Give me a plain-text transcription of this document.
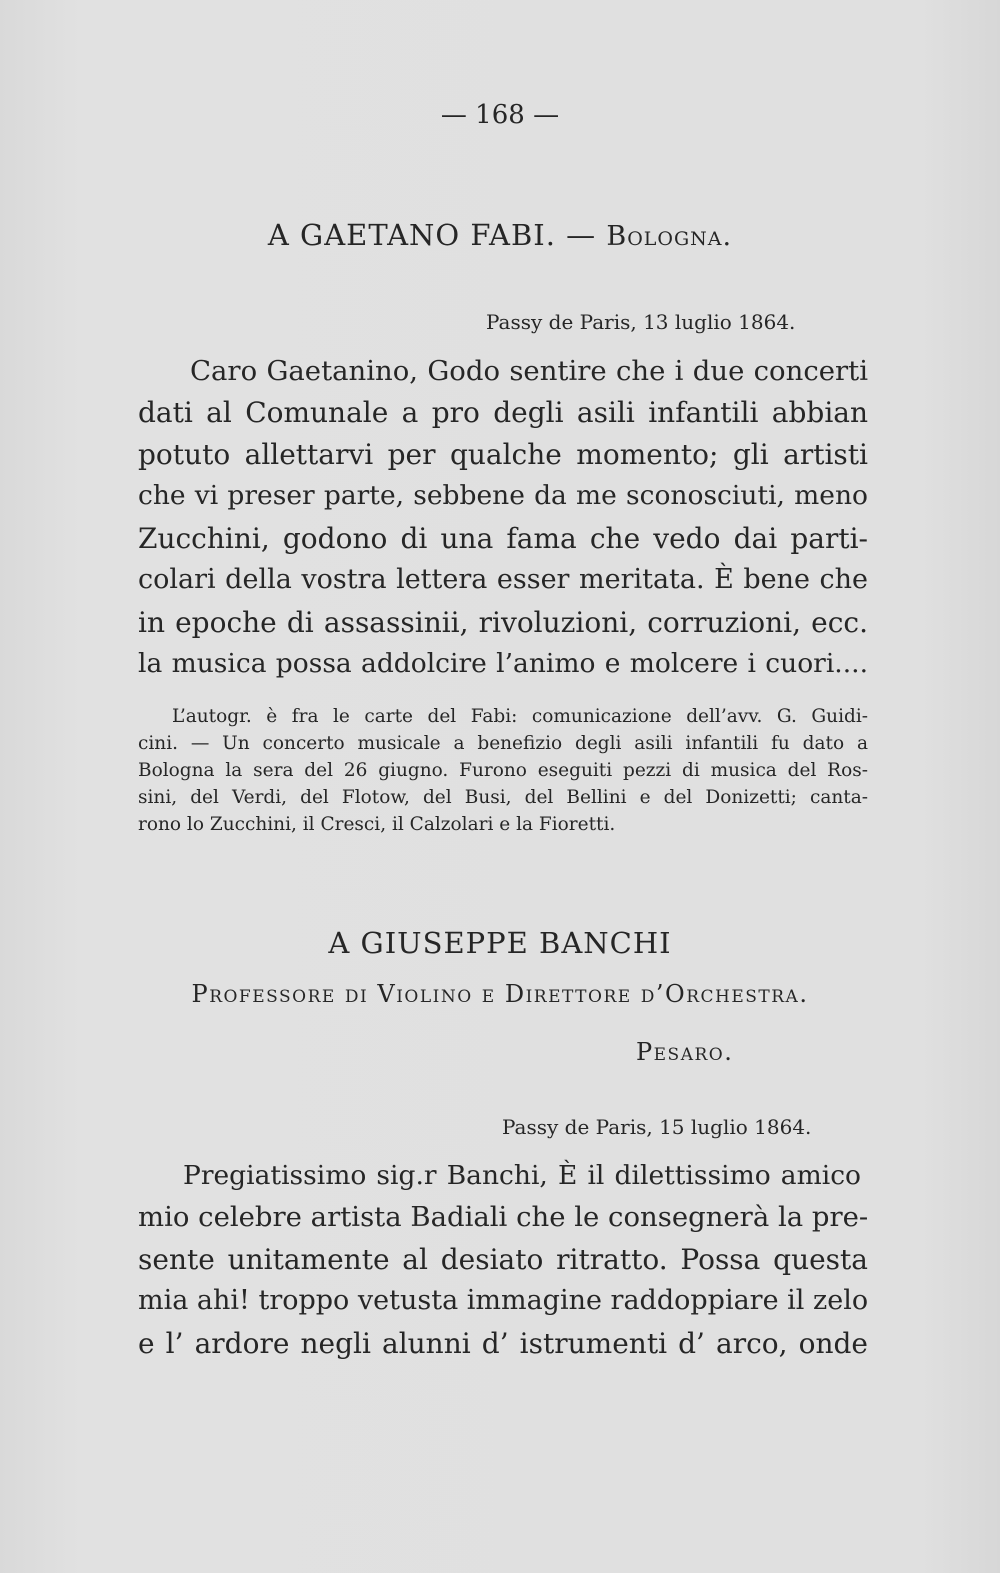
— 168 —
A GAETANO FABI. — Bologna.
Passy de Paris, 13 luglio 1864.
Caro Gaetanino, Godo sentire che i due concerti
dati al Comunale a pro degli asili infantili abbian
potuto allettarvi per qualche momento; gli artisti
che vi preser parte, sebbene da me sconosciuti, meno
Zucchini, godono di una fama che vedo dai parti-
colari della vostra lettera esser meritata. È bene che
in epoche di assassinii, rivoluzioni, corruzioni, ecc.
la musica possa addolcire l’animo e molcere i cuori....
L’autogr. è fra le carte del Fabi: comunicazione dell’avv. G. Guidi-
cini. — Un concerto musicale a benefizio degli asili infantili fu dato a
Bologna la sera del 26 giugno. Furono eseguiti pezzi di musica del Ros-
sini, del Verdi, del Flotow, del Busi, del Bellini e del Donizetti; canta-
rono lo Zucchini, il Cresci, il Calzolari e la Fioretti.
A GIUSEPPE BANCHI
Professore di Violino e Direttore d’Orchestra.
Pesaro.
Passy de Paris, 15 luglio 1864.
Pregiatissimo sig.r Banchi, È il dilettissimo amico
mio celebre artista Badiali che le consegnerà la pre-
sente unitamente al desiato ritratto. Possa questa
mia ahi! troppo vetusta immagine raddoppiare il zelo
e l’ ardore negli alunni d’ istrumenti d’ arco, onde
